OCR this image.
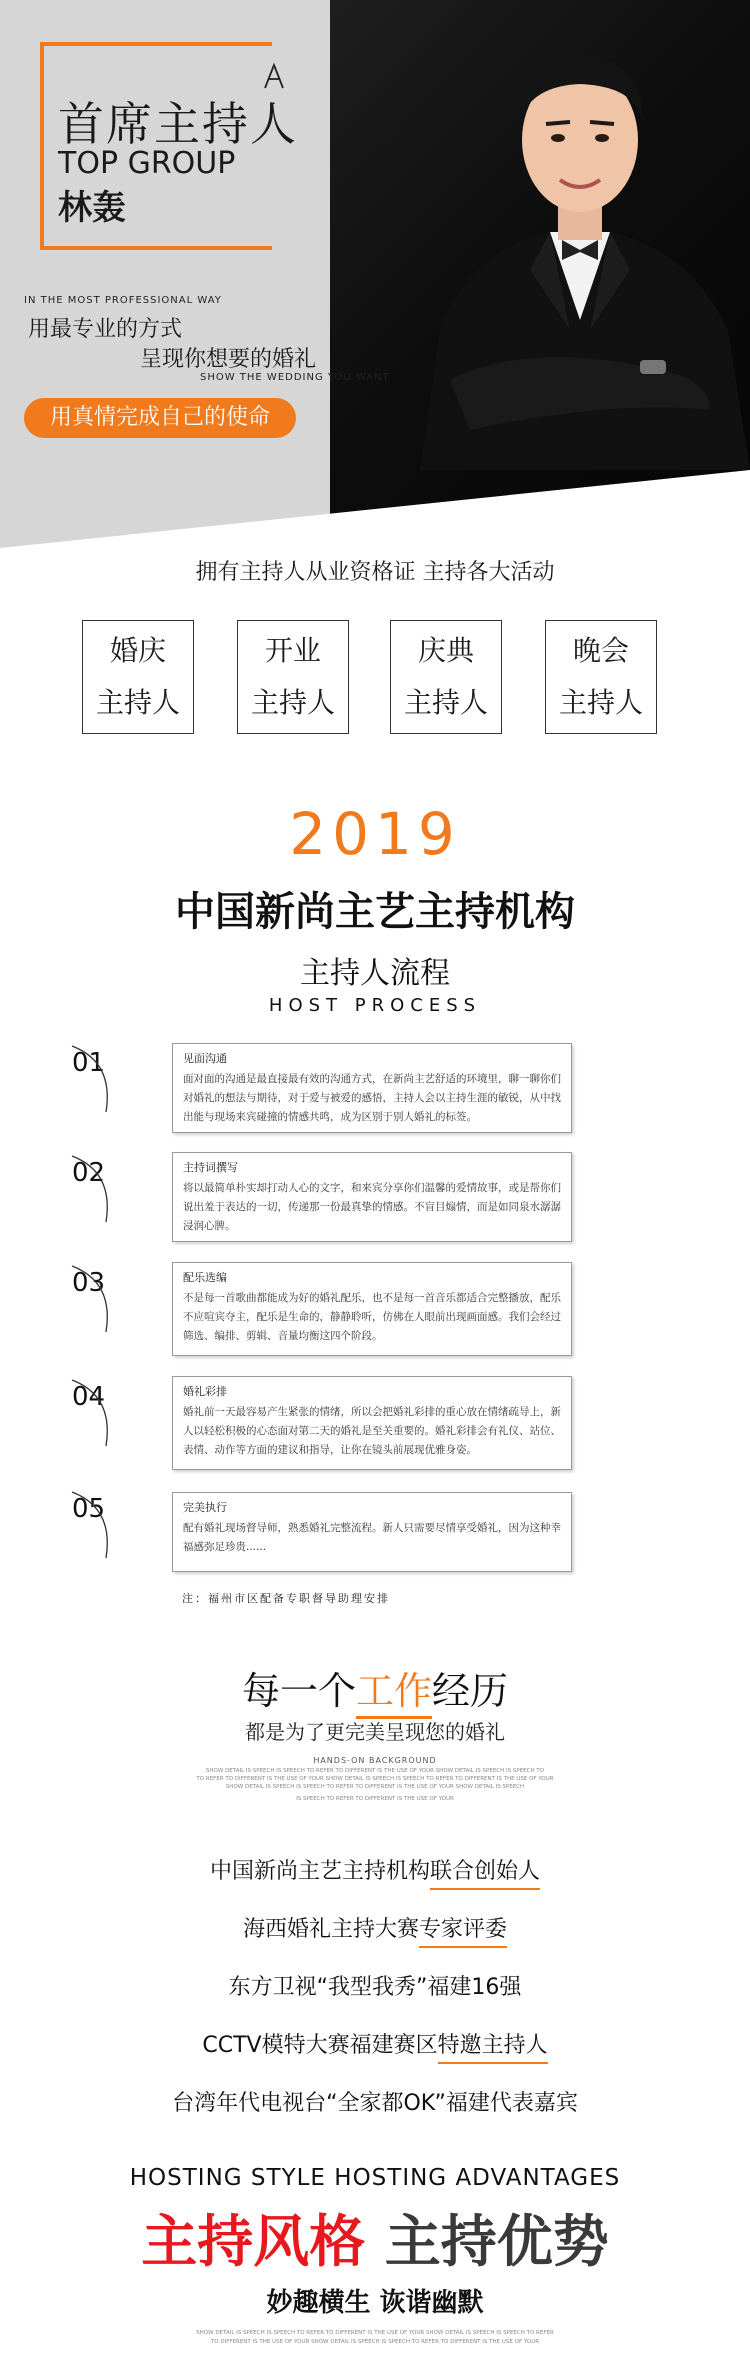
首席主持人
TOP GROUP
林轰
IN THE MOST PROFESSIONAL WAY
用最专业的方式
呈现你想要的婚礼
SHOW THE WEDDING YOU WANT
用真情完成自己的使命
拥有主持人从业资格证 主持各大活动
婚庆
主持人
开业
主持人
庆典
主持人
晚会
主持人
2019
中国新尚主艺主持机构
主持人流程
HOST PROCESS
01	见面沟通
面对面的沟通是最直接最有效的沟通方式，在新尚主艺舒适的环境里，聊一聊你们对婚礼的想法与期待，对于爱与被爱的感悟，主持人会以主持生涯的敏锐，从中找出能与现场来宾碰撞的情感共鸣，成为区别于别人婚礼的标签。
02	主持词撰写
将以最简单朴实却打动人心的文字，和来宾分享你们温馨的爱情故事，或是帮你们说出羞于表达的一切，传递那一份最真挚的情感。不盲目煽情，而是如同泉水潺潺浸润心脾。
03	配乐选编
不是每一首歌曲都能成为好的婚礼配乐，也不是每一首音乐都适合完整播放，配乐不应喧宾夺主，配乐是生命的，静静聆听，仿佛在人眼前出现画面感。我们会经过筛选、编排、剪辑、音量均衡这四个阶段。
04	婚礼彩排
婚礼前一天最容易产生紧张的情绪，所以会把婚礼彩排的重心放在情绪疏导上，新人以轻松积极的心态面对第二天的婚礼是至关重要的。婚礼彩排会有礼仪、站位、表情、动作等方面的建议和指导，让你在镜头前展现优雅身姿。
05	完美执行
配有婚礼现场督导师，熟悉婚礼完整流程。新人只需要尽情享受婚礼，因为这种幸福感弥足珍贵......
注：福州市区配备专职督导助理安排
每一个工作经历
都是为了更完美呈现您的婚礼
HANDS-ON BACKGROUND
SHOW DETAIL IS SPEECH IS SPEECH TO REFER TO DIFFERENT IS THE USE OF YOUR SHOW DETAIL IS SPEECH IS SPEECH TO
TO REFER TO DIFFERENT IS THE USE OF YOUR SHOW DETAIL IS SPEECH IS SPEECH TO REFER TO DIFFERENT IS THE USE OF YOUR
SHOW DETAIL IS SPEECH IS SPEECH TO REFER TO DIFFERENT IS THE USE OF YOUR SHOW DETAIL IS SPEECH
IS SPEECH TO REFER TO DIFFERENT IS THE USE OF YOUR
中国新尚主艺主持机构联合创始人
海西婚礼主持大赛专家评委
东方卫视“我型我秀”福建16强
CCTV模特大赛福建赛区特邀主持人
台湾年代电视台“全家都OK”福建代表嘉宾
HOSTING STYLE HOSTING ADVANTAGES
主持风格 主持优势
妙趣横生 诙谐幽默
SHOW DETAIL IS SPEECH IS SPEECH TO REFER TO DIFFERENT IS THE USE OF YOUR SHOW DETAIL IS SPEECH IS SPEECH TO REFER
TO DIFFERENT IS THE USE OF YOUR SHOW DETAIL IS SPEECH IS SPEECH TO REFER TO DIFFERENT IS THE USE OF YOUR
